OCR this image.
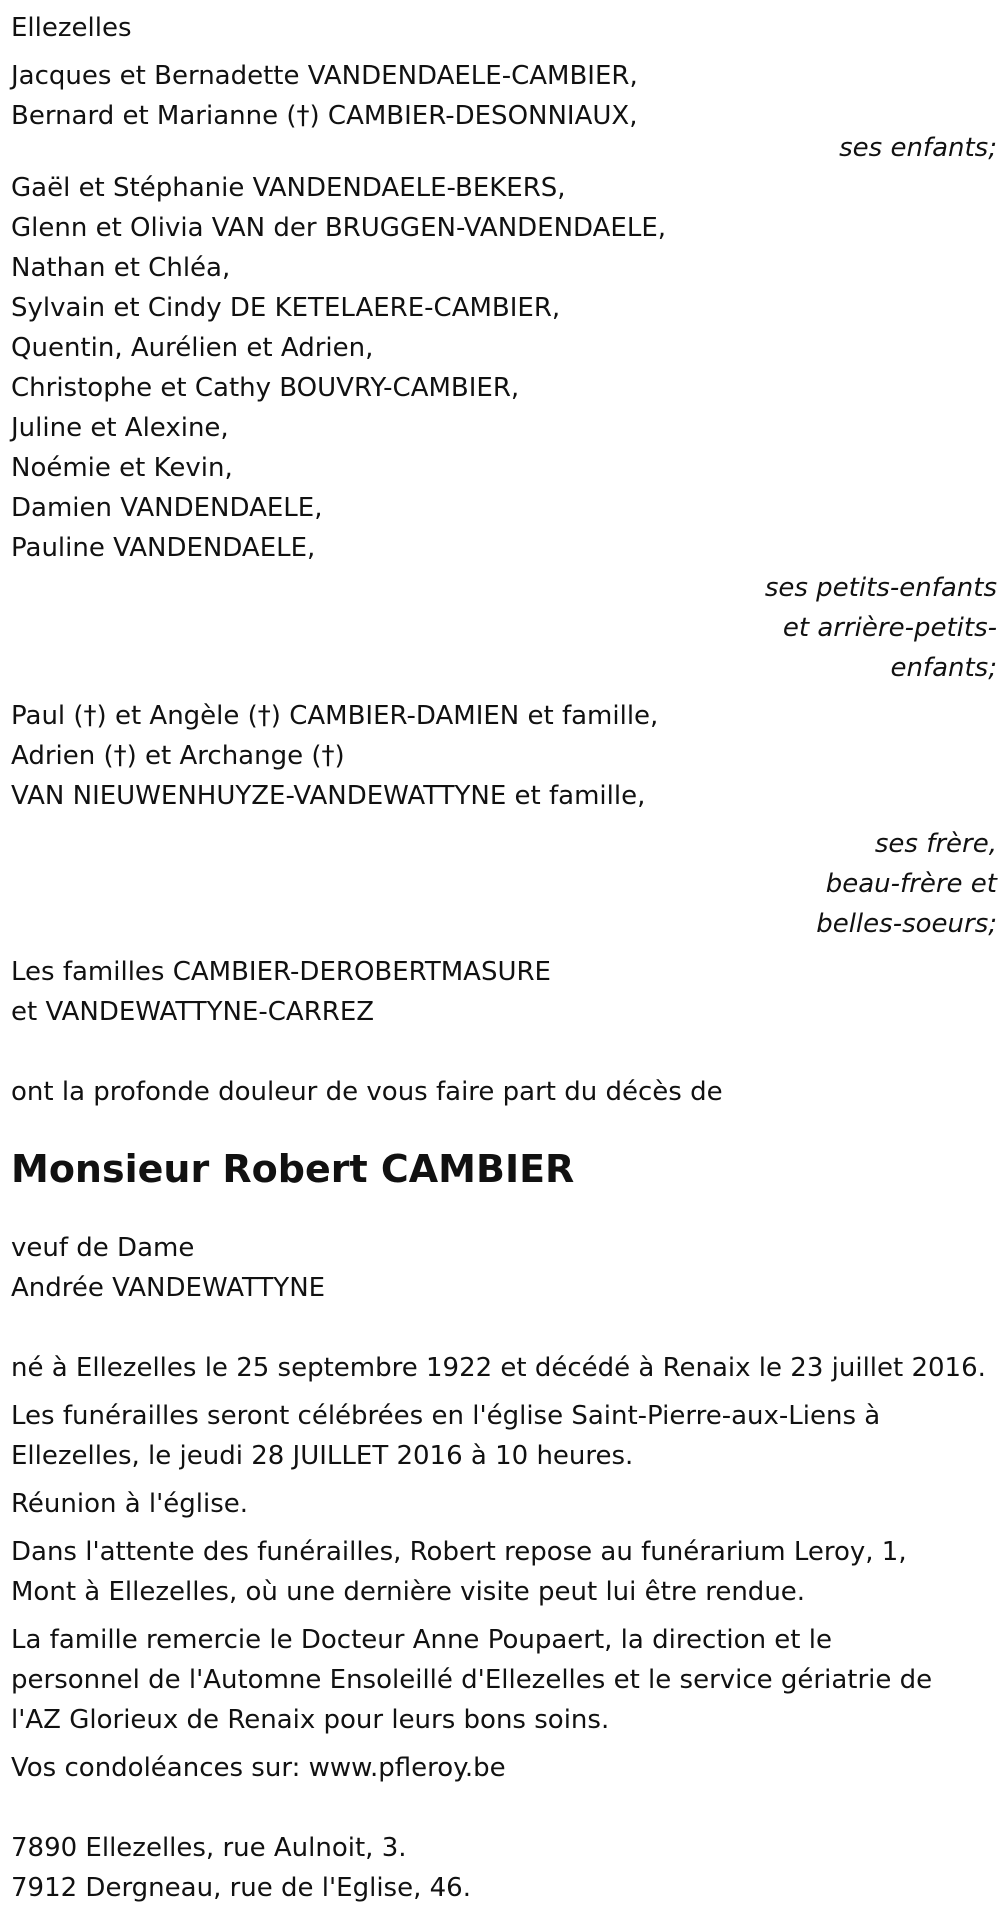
Ellezelles
Jacques et Bernadette VANDENDAELE-CAMBIER,
Bernard et Marianne (†) CAMBIER-DESONNIAUX,
ses enfants;
Gaël et Stéphanie VANDENDAELE-BEKERS,
Glenn et Olivia VAN der BRUGGEN-VANDENDAELE,
Nathan et Chléa,
Sylvain et Cindy DE KETELAERE-CAMBIER,
Quentin, Aurélien et Adrien,
Christophe et Cathy BOUVRY-CAMBIER,
Juline et Alexine,
Noémie et Kevin,
Damien VANDENDAELE,
Pauline VANDENDAELE,
ses petits-enfants
et arrière-petits-
enfants;
Paul (†) et Angèle (†) CAMBIER-DAMIEN et famille,
Adrien (†) et Archange (†)
VAN NIEUWENHUYZE-VANDEWATTYNE et famille,
ses frère,
beau-frère et
belles-soeurs;
Les familles CAMBIER-DEROBERTMASURE
et VANDEWATTYNE-CARREZ
ont la profonde douleur de vous faire part du décès de
Monsieur Robert CAMBIER
veuf de Dame
Andrée VANDEWATTYNE
né à Ellezelles le 25 septembre 1922 et décédé à Renaix le 23 juillet 2016.
Les funérailles seront célébrées en l'église Saint-Pierre-aux-Liens à
Ellezelles, le jeudi 28 JUILLET 2016 à 10 heures.
Réunion à l'église.
Dans l'attente des funérailles, Robert repose au funérarium Leroy, 1,
Mont à Ellezelles, où une dernière visite peut lui être rendue.
La famille remercie le Docteur Anne Poupaert, la direction et le
personnel de l'Automne Ensoleillé d'Ellezelles et le service gériatrie de
l'AZ Glorieux de Renaix pour leurs bons soins.
Vos condoléances sur: www.pfleroy.be
7890 Ellezelles, rue Aulnoit, 3.
7912 Dergneau, rue de l'Eglise, 46.
